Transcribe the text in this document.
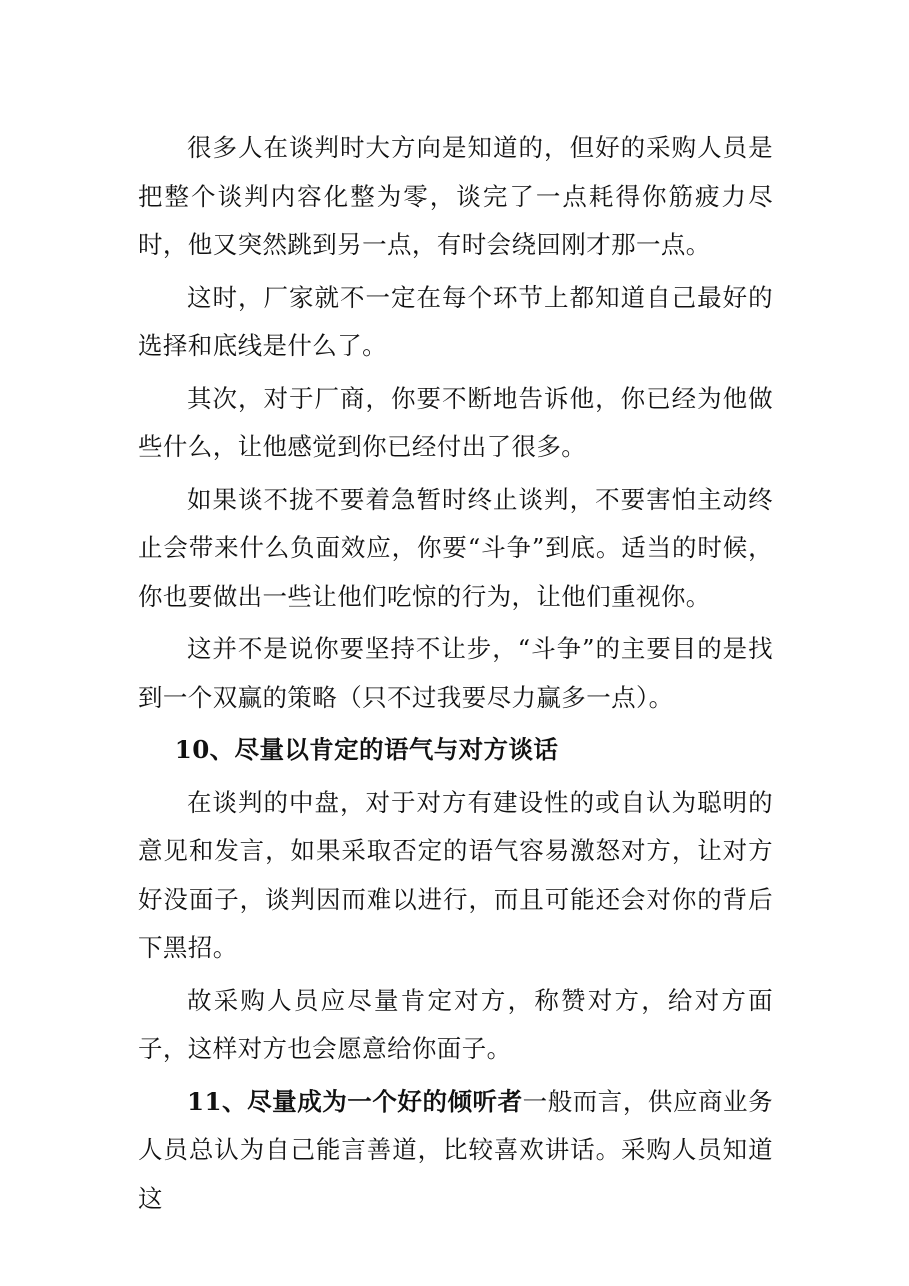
很多人在谈判时大方向是知道的，但好的采购人员是把整个谈判内容化整为零，谈完了一点耗得你筋疲力尽时，他又突然跳到另一点，有时会绕回刚才那一点。

这时，厂家就不一定在每个环节上都知道自己最好的选择和底线是什么了。

其次，对于厂商，你要不断地告诉他，你已经为他做些什么，让他感觉到你已经付出了很多。

如果谈不拢不要着急暂时终止谈判，不要害怕主动终止会带来什么负面效应，你要“斗争”到底。适当的时候，你也要做出一些让他们吃惊的行为，让他们重视你。

这并不是说你要坚持不让步，“斗争”的主要目的是找到一个双赢的策略（只不过我要尽力赢多一点）。

10、尽量以肯定的语气与对方谈话

在谈判的中盘，对于对方有建设性的或自认为聪明的意见和发言，如果采取否定的语气容易激怒对方，让对方好没面子，谈判因而难以进行，而且可能还会对你的背后下黑招。

故采购人员应尽量肯定对方，称赞对方，给对方面子，这样对方也会愿意给你面子。

11、尽量成为一个好的倾听者一般而言，供应商业务人员总认为自己能言善道，比较喜欢讲话。采购人员知道这
